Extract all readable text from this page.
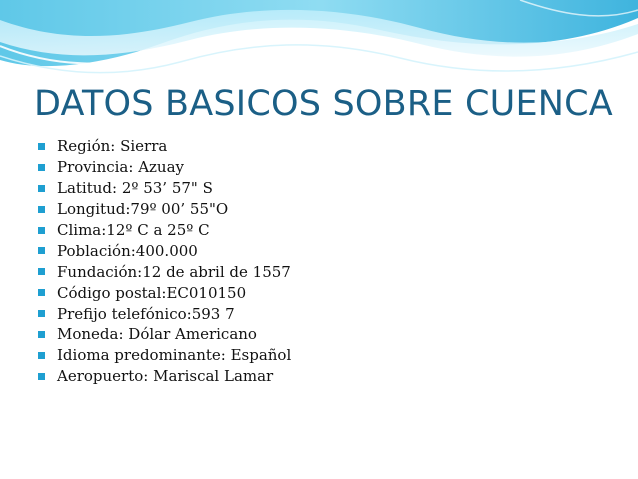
DATOS BASICOS SOBRE CUENCA
Región: Sierra
Provincia: Azuay
Latitud: 2º 53’ 57" S
Longitud:79º 00’ 55"O
Clima:12º C a 25º C
Población:400.000
Fundación:12 de abril de 1557
Código postal:EC010150
Prefijo telefónico:593 7
Moneda: Dólar Americano
Idioma predominante: Español
Aeropuerto: Mariscal Lamar
